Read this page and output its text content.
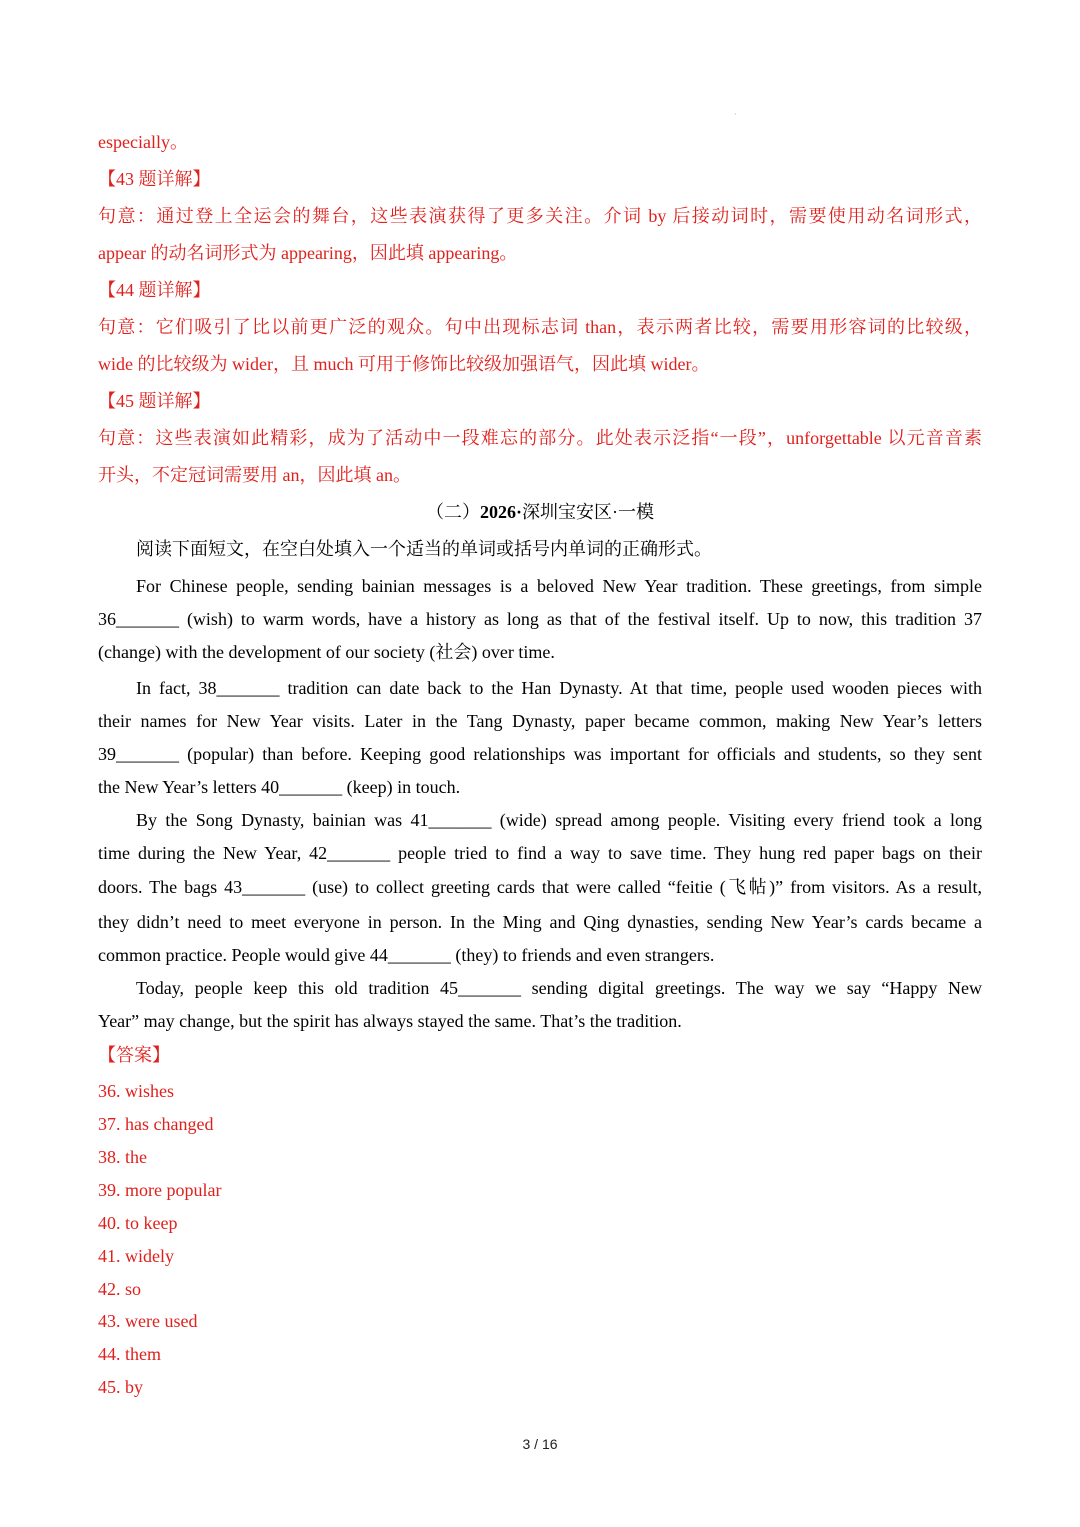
·
especially。
【43 题详解】
句意：通过登上全运会的舞台，这些表演获得了更多关注。介词 by 后接动词时，需要使用动名词形式，
appear 的动名词形式为 appearing，因此填 appearing。
【44 题详解】
句意：它们吸引了比以前更广泛的观众。句中出现标志词 than，表示两者比较，需要用形容词的比较级，
wide 的比较级为 wider，且 much 可用于修饰比较级加强语气，因此填 wider。
【45 题详解】
句意：这些表演如此精彩，成为了活动中一段难忘的部分。此处表示泛指“一段”，unforgettable 以元音音素
开头，不定冠词需要用 an，因此填 an。
（二）2026·深圳宝安区·一模
阅读下面短文，在空白处填入一个适当的单词或括号内单词的正确形式。
For Chinese people, sending bainian messages is a beloved New Year tradition. These greetings, from simple
36_______ (wish) to warm words, have a history as long as that of the festival itself. Up to now, this tradition 37
(change) with the development of our society (社会) over time.
In fact, 38_______ tradition can date back to the Han Dynasty. At that time, people used wooden pieces with
their names for New Year visits. Later in the Tang Dynasty, paper became common, making New Year’s letters
39_______ (popular) than before. Keeping good relationships was important for officials and students, so they sent
the New Year’s letters 40_______ (keep) in touch.
By the Song Dynasty, bainian was 41_______ (wide) spread among people. Visiting every friend took a long
time during the New Year, 42_______ people tried to find a way to save time. They hung red paper bags on their
doors. The bags 43_______ (use) to collect greeting cards that were called “feitie (飞帖)” from visitors. As a result,
they didn’t need to meet everyone in person. In the Ming and Qing dynasties, sending New Year’s cards became a
common practice. People would give 44_______ (they) to friends and even strangers.
Today, people keep this old tradition 45_______ sending digital greetings. The way we say “Happy New
Year” may change, but the spirit has always stayed the same. That’s the tradition.
【答案】
36. wishes
37. has changed
38. the
39. more popular
40. to keep
41. widely
42. so
43. were used
44. them
45. by
3 / 16
